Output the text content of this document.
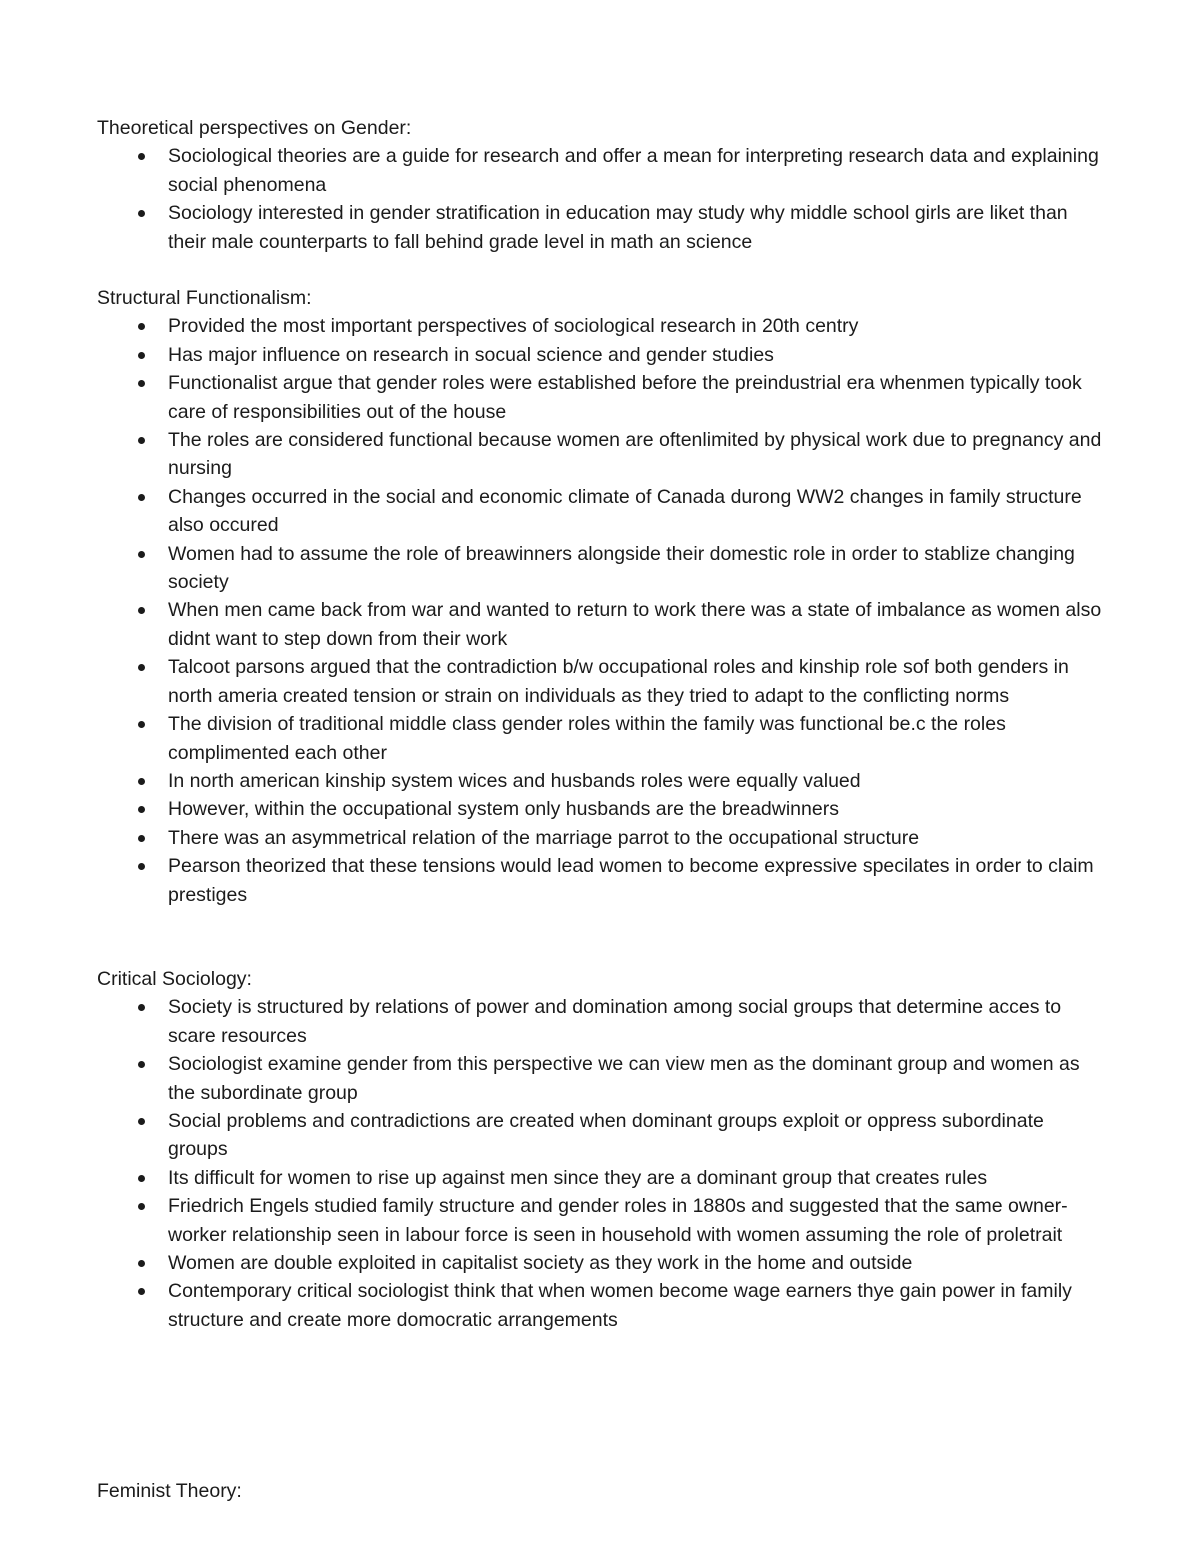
Theoretical perspectives on Gender:

Sociological theories are a guide for research and offer a mean for interpreting research data and explaining social phenomena
Sociology interested in gender stratification in education may study why middle school girls are liket than their male counterparts to fall behind grade level in math an science

Structural Functionalism:

Provided the most important perspectives of sociological research in 20th centry
Has major influence on research in socual science and gender studies
Functionalist argue that gender roles were established before the preindustrial era whenmen typically took care of responsibilities out of the house
The roles are considered functional because women are oftenlimited by physical work due to pregnancy and nursing
Changes occurred in the social and economic climate of Canada durong WW2 changes in family structure also occured
Women had to assume the role of breawinners alongside their domestic role in order to stablize changing society
When men came back from war and wanted to return to work there was a state of imbalance as women also didnt want to step down from their work
Talcoot parsons argued that the contradiction b/w occupational roles and kinship role sof both genders in north ameria created tension or strain on individuals as they tried to adapt to the conflicting norms
The division of traditional middle class gender roles within the family was functional be.c the roles complimented each other
In north american kinship system wices and husbands roles were equally valued
However, within the occupational system only husbands are the breadwinners
There was an asymmetrical relation of the marriage parrot to the occupational structure
Pearson theorized that these tensions would lead women to become expressive specilates in order to claim prestiges

Critical Sociology:

Society is structured by relations of power and domination among social groups that determine acces to scare resources
Sociologist examine gender from this perspective we can view men as the dominant group and women as the subordinate group
Social problems and contradictions are created when dominant groups exploit or oppress subordinate groups
Its difficult for women to rise up against men since they are a dominant group that creates rules
Friedrich Engels studied family structure and gender roles in 1880s and suggested that the same owner-worker relationship seen in labour force is seen in household with women assuming the role of proletrait
Women are double exploited in capitalist society as they work in the home and outside
Contemporary critical sociologist think that when women become wage earners thye gain power in family structure and create more domocratic arrangements

Feminist Theory:
